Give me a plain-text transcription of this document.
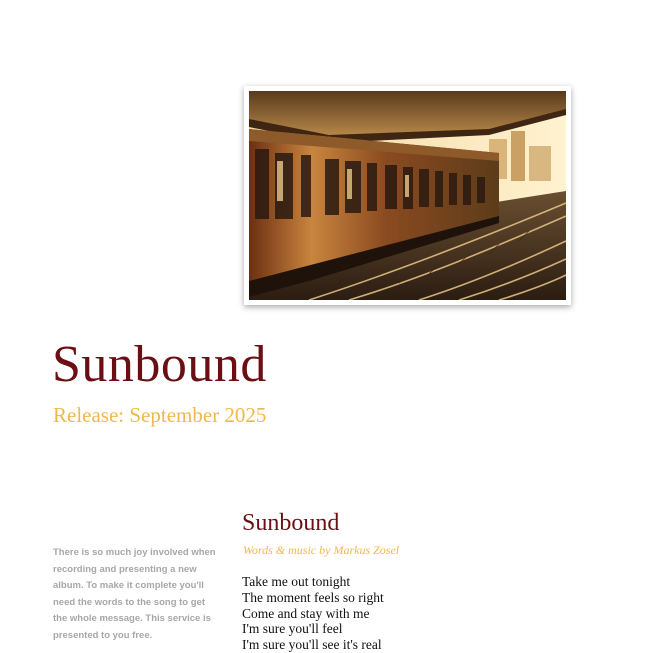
Sunbound
Release: September 2025

There is so much joy involved when recording and presenting a new album. To make it complete you'll need the words to the song to get the whole message. This service is presented to you free.

Sunbound
Words & music by Markus Zosel
Take me out tonight
The moment feels so right
Come and stay with me
I'm sure you'll feel
I'm sure you'll see it's real
